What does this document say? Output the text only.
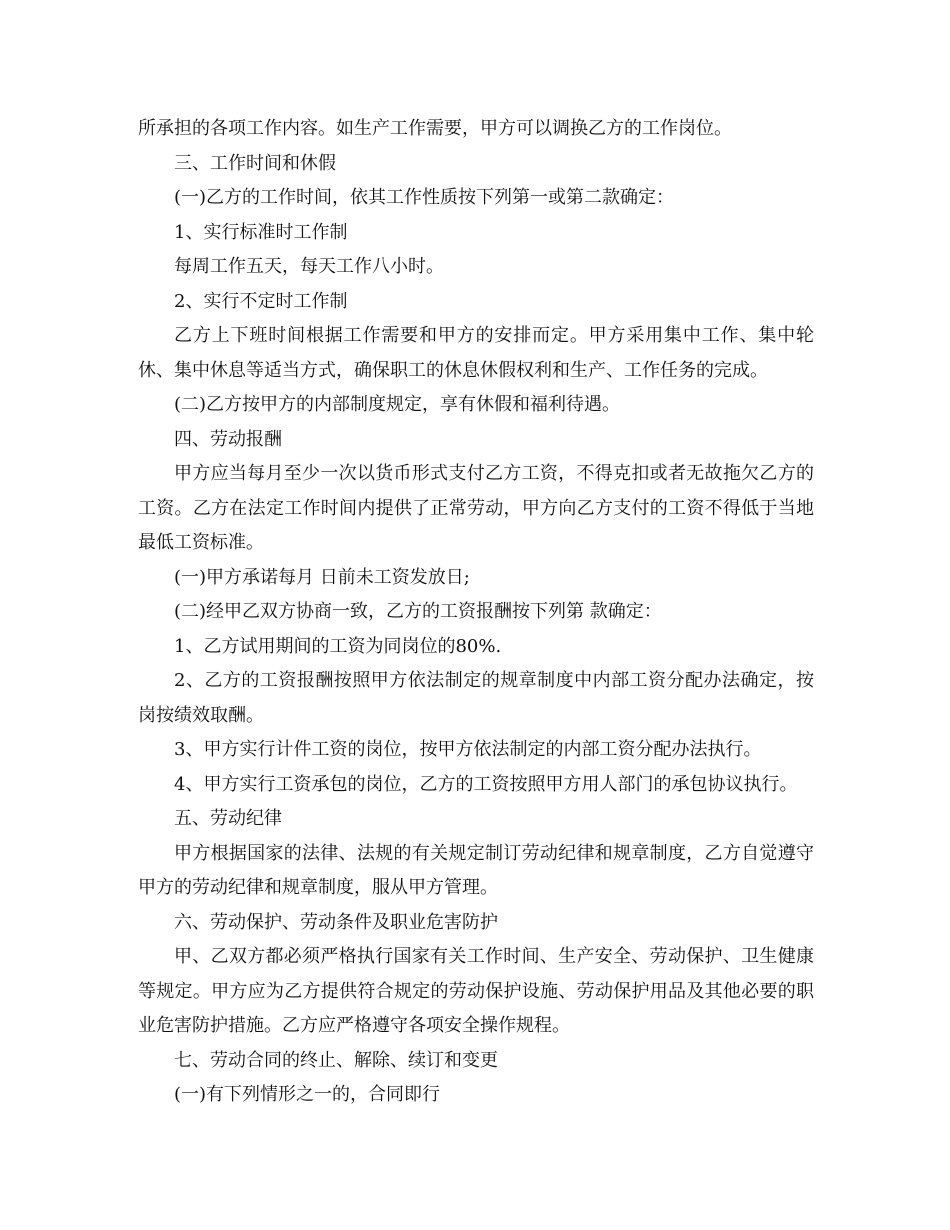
所承担的各项工作内容。如生产工作需要，甲方可以调换乙方的工作岗位。

三、工作时间和休假

(一)乙方的工作时间，依其工作性质按下列第一或第二款确定：

1、实行标准时工作制

每周工作五天，每天工作八小时。

2、实行不定时工作制

乙方上下班时间根据工作需要和甲方的安排而定。甲方采用集中工作、集中轮休、集中休息等适当方式，确保职工的休息休假权利和生产、工作任务的完成。

(二)乙方按甲方的内部制度规定，享有休假和福利待遇。

四、劳动报酬

甲方应当每月至少一次以货币形式支付乙方工资，不得克扣或者无故拖欠乙方的工资。乙方在法定工作时间内提供了正常劳动，甲方向乙方支付的工资不得低于当地最低工资标准。

(一)甲方承诺每月 日前未工资发放日;

(二)经甲乙双方协商一致，乙方的工资报酬按下列第 款确定：

1、乙方试用期间的工资为同岗位的80%.

2、乙方的工资报酬按照甲方依法制定的规章制度中内部工资分配办法确定，按岗按绩效取酬。

3、甲方实行计件工资的岗位，按甲方依法制定的内部工资分配办法执行。

4、甲方实行工资承包的岗位，乙方的工资按照甲方用人部门的承包协议执行。

五、劳动纪律

甲方根据国家的法律、法规的有关规定制订劳动纪律和规章制度，乙方自觉遵守甲方的劳动纪律和规章制度，服从甲方管理。

六、劳动保护、劳动条件及职业危害防护

甲、乙双方都必须严格执行国家有关工作时间、生产安全、劳动保护、卫生健康等规定。甲方应为乙方提供符合规定的劳动保护设施、劳动保护用品及其他必要的职业危害防护措施。乙方应严格遵守各项安全操作规程。

七、劳动合同的终止、解除、续订和变更

(一)有下列情形之一的，合同即行
